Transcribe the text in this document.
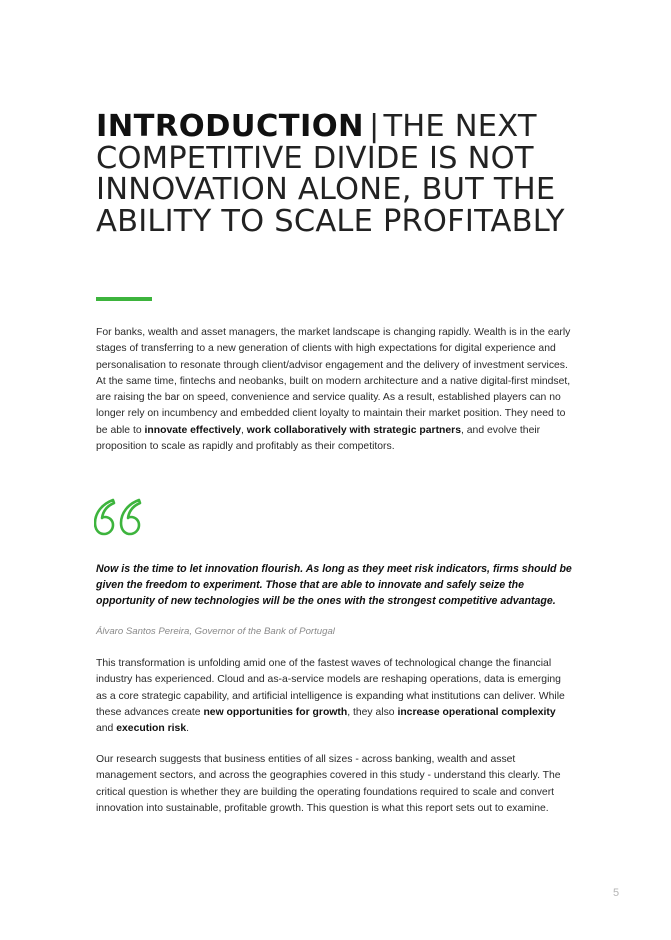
INTRODUCTION | THE NEXT COMPETITIVE DIVIDE IS NOT INNOVATION ALONE, BUT THE ABILITY TO SCALE PROFITABLY

For banks, wealth and asset managers, the market landscape is changing rapidly. Wealth is in the early stages of transferring to a new generation of clients with high expectations for digital experience and personalisation to resonate through client/advisor engagement and the delivery of investment services. At the same time, fintechs and neobanks, built on modern architecture and a native digital-first mindset, are raising the bar on speed, convenience and service quality. As a result, established players can no longer rely on incumbency and embedded client loyalty to maintain their market position. They need to be able to innovate effectively, work collaboratively with strategic partners, and evolve their proposition to scale as rapidly and profitably as their competitors.

Now is the time to let innovation flourish. As long as they meet risk indicators, firms should be given the freedom to experiment. Those that are able to innovate and safely seize the opportunity of new technologies will be the ones with the strongest competitive advantage.

Álvaro Santos Pereira, Governor of the Bank of Portugal

This transformation is unfolding amid one of the fastest waves of technological change the financial industry has experienced. Cloud and as-a-service models are reshaping operations, data is emerging as a core strategic capability, and artificial intelligence is expanding what institutions can deliver. While these advances create new opportunities for growth, they also increase operational complexity and execution risk.

Our research suggests that business entities of all sizes - across banking, wealth and asset management sectors, and across the geographies covered in this study - understand this clearly. The critical question is whether they are building the operating foundations required to scale and convert innovation into sustainable, profitable growth. This question is what this report sets out to examine.

5
